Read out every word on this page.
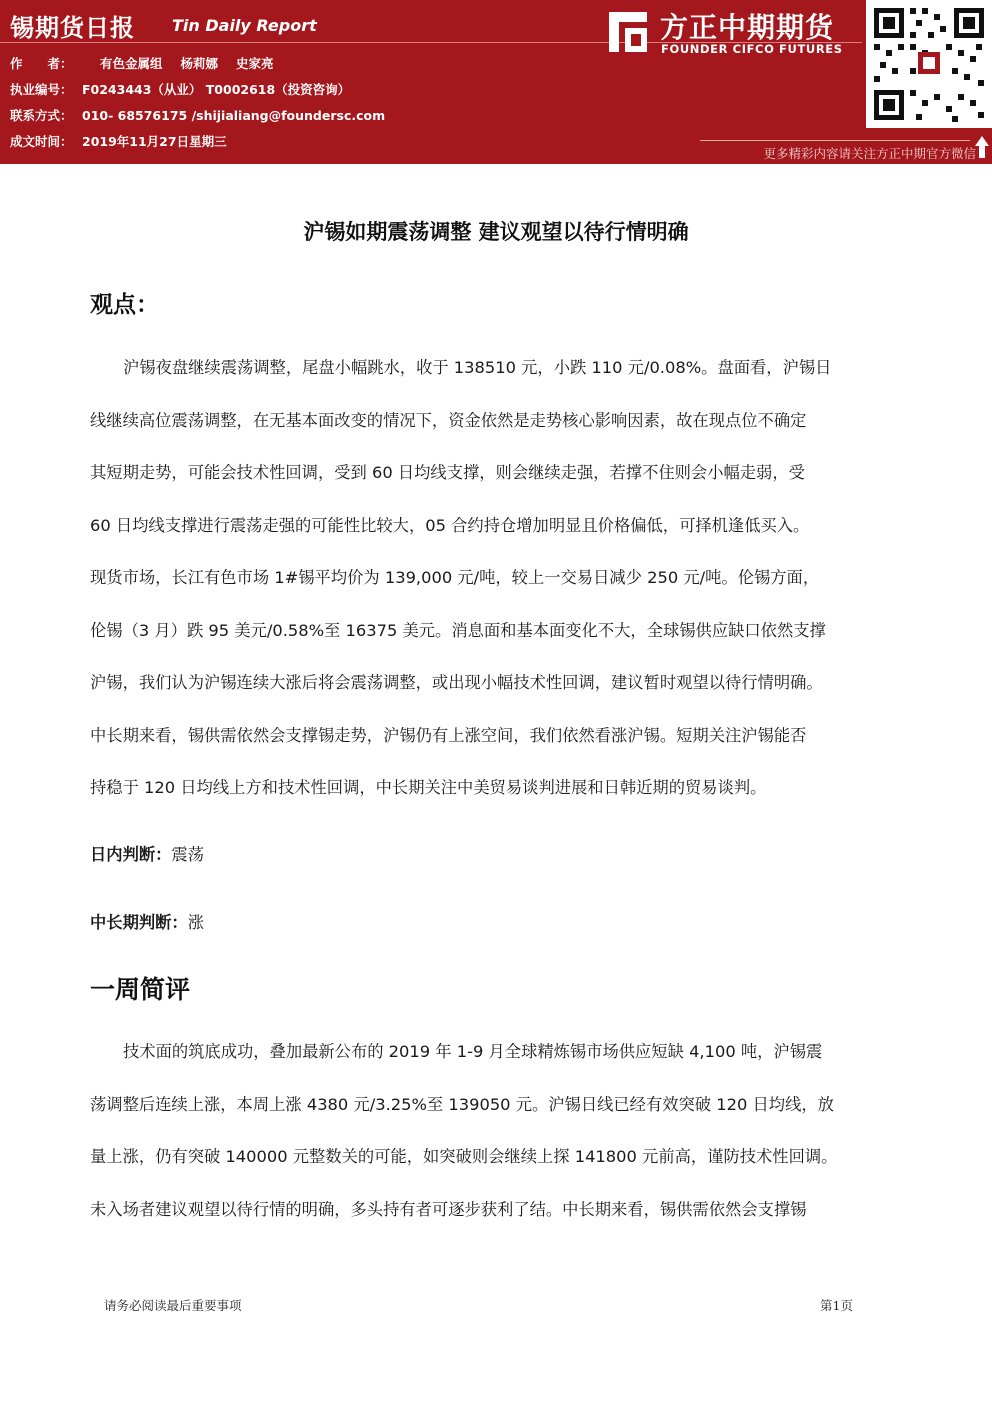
锡期货日报 Tin Daily Report
作　　者： 有色金属组 杨莉娜 史家亮
执业编号： F0243443（从业） T0002618（投资咨询）
联系方式： 010- 68576175 /shijialiang@foundersc.com
成文时间： 2019年11月27日星期三
方正中期期货
FOUNDER CIFCO FUTURES
更多精彩内容请关注方正中期官方微信
沪锡如期震荡调整 建议观望以待行情明确
观点：
沪锡夜盘继续震荡调整，尾盘小幅跳水，收于 138510 元，小跌 110 元/0.08%。盘面看，沪锡日
线继续高位震荡调整，在无基本面改变的情况下，资金依然是走势核心影响因素，故在现点位不确定
其短期走势，可能会技术性回调，受到 60 日均线支撑，则会继续走强，若撑不住则会小幅走弱，受
60 日均线支撑进行震荡走强的可能性比较大，05 合约持仓增加明显且价格偏低，可择机逢低买入。
现货市场，长江有色市场 1#锡平均价为 139,000 元/吨，较上一交易日减少 250 元/吨。伦锡方面，
伦锡（3 月）跌 95 美元/0.58%至 16375 美元。消息面和基本面变化不大，全球锡供应缺口依然支撑
沪锡，我们认为沪锡连续大涨后将会震荡调整，或出现小幅技术性回调，建议暂时观望以待行情明确。
中长期来看，锡供需依然会支撑锡走势，沪锡仍有上涨空间，我们依然看涨沪锡。短期关注沪锡能否
持稳于 120 日均线上方和技术性回调，中长期关注中美贸易谈判进展和日韩近期的贸易谈判。
日内判断：震荡
中长期判断：涨
一周简评
技术面的筑底成功，叠加最新公布的 2019 年 1-9 月全球精炼锡市场供应短缺 4,100 吨，沪锡震
荡调整后连续上涨，本周上涨 4380 元/3.25%至 139050 元。沪锡日线已经有效突破 120 日均线，放
量上涨，仍有突破 140000 元整数关的可能，如突破则会继续上探 141800 元前高，谨防技术性回调。
未入场者建议观望以待行情的明确，多头持有者可逐步获利了结。中长期来看，锡供需依然会支撑锡
请务必阅读最后重要事项	第1页
